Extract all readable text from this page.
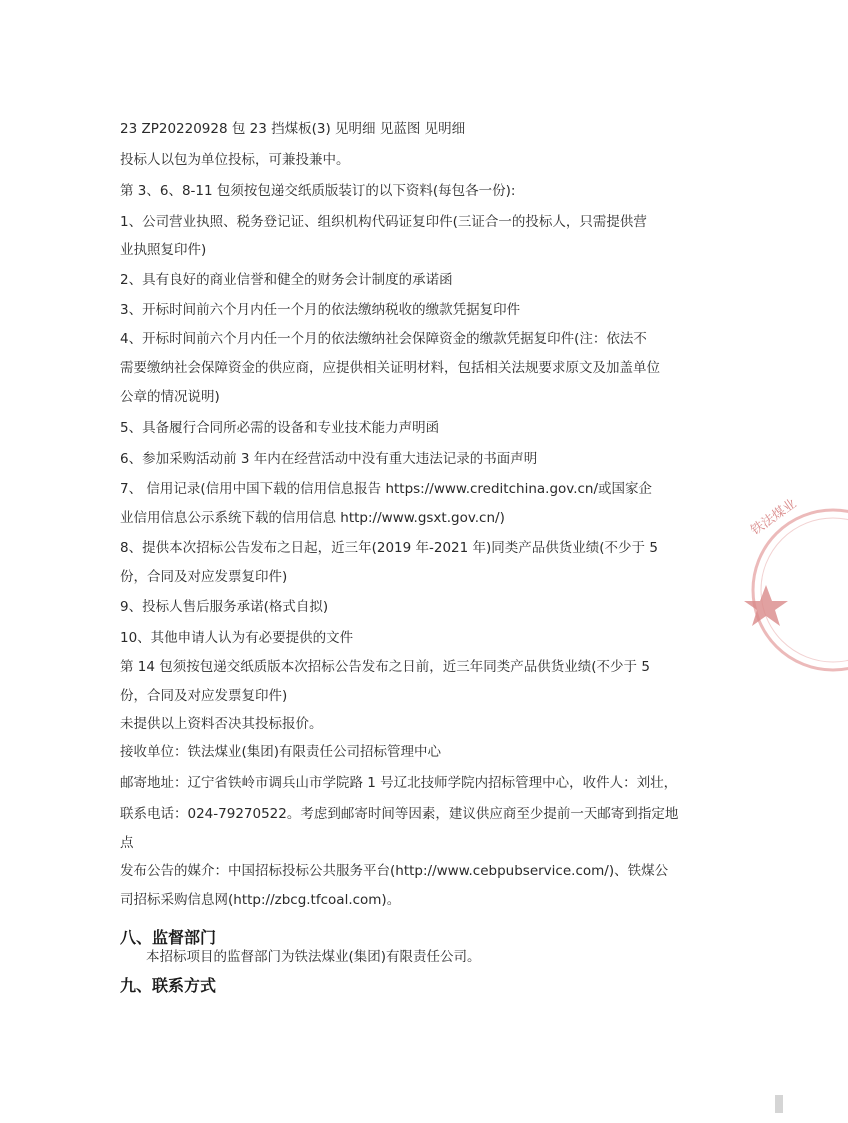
23 ZP20220928 包 23 挡煤板(3) 见明细 见蓝图 见明细
投标人以包为单位投标，可兼投兼中。
第 3、6、8-11 包须按包递交纸质版装订的以下资料(每包各一份):
1、公司营业执照、税务登记证、组织机构代码证复印件(三证合一的投标人，只需提供营
业执照复印件)
2、具有良好的商业信誉和健全的财务会计制度的承诺函
3、开标时间前六个月内任一个月的依法缴纳税收的缴款凭据复印件
4、开标时间前六个月内任一个月的依法缴纳社会保障资金的缴款凭据复印件(注：依法不
需要缴纳社会保障资金的供应商，应提供相关证明材料，包括相关法规要求原文及加盖单位
公章的情况说明)
5、具备履行合同所必需的设备和专业技术能力声明函
6、参加采购活动前 3 年内在经营活动中没有重大违法记录的书面声明
7、 信用记录(信用中国下载的信用信息报告 https://www.creditchina.gov.cn/或国家企
业信用信息公示系统下载的信用信息 http://www.gsxt.gov.cn/)
8、提供本次招标公告发布之日起，近三年(2019 年-2021 年)同类产品供货业绩(不少于 5
份，合同及对应发票复印件)
9、投标人售后服务承诺(格式自拟)
10、其他申请人认为有必要提供的文件
第 14 包须按包递交纸质版本次招标公告发布之日前，近三年同类产品供货业绩(不少于 5
份，合同及对应发票复印件)
未提供以上资料否决其投标报价。
接收单位：铁法煤业(集团)有限责任公司招标管理中心
邮寄地址：辽宁省铁岭市调兵山市学院路 1 号辽北技师学院内招标管理中心，收件人：刘壮，
联系电话：024-79270522。考虑到邮寄时间等因素，建议供应商至少提前一天邮寄到指定地
点
发布公告的媒介：中国招标投标公共服务平台(http://www.cebpubservice.com/)、铁煤公
司招标采购信息网(http://zbcg.tfcoal.com)。
八、监督部门
本招标项目的监督部门为铁法煤业(集团)有限责任公司。
九、联系方式
铁法煤业
